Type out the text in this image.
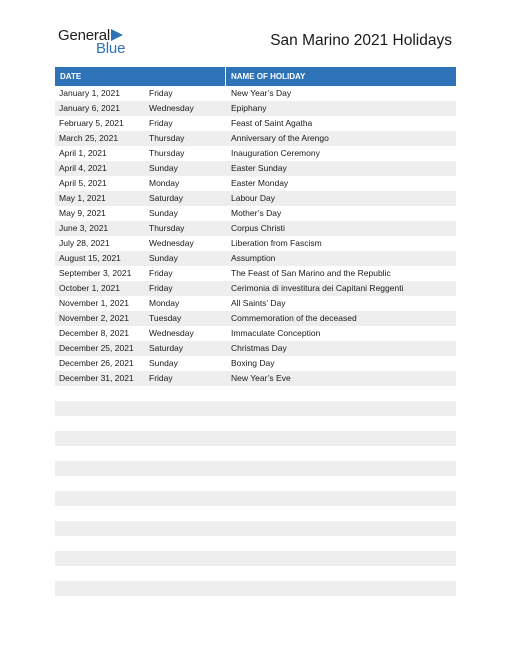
General
Blue	San Marino 2021 Holidays
DATE	NAME OF HOLIDAY
January 1, 2021	Friday	New Year’s Day
January 6, 2021	Wednesday	Epiphany
February 5, 2021	Friday	Feast of Saint Agatha
March 25, 2021	Thursday	Anniversary of the Arengo
April 1, 2021	Thursday	Inauguration Ceremony
April 4, 2021	Sunday	Easter Sunday
April 5, 2021	Monday	Easter Monday
May 1, 2021	Saturday	Labour Day
May 9, 2021	Sunday	Mother’s Day
June 3, 2021	Thursday	Corpus Christi
July 28, 2021	Wednesday	Liberation from Fascism
August 15, 2021	Sunday	Assumption
September 3, 2021	Friday	The Feast of San Marino and the Republic
October 1, 2021	Friday	Cerimonia di investitura dei Capitani Reggenti
November 1, 2021	Monday	All Saints’ Day
November 2, 2021	Tuesday	Commemoration of the deceased
December 8, 2021	Wednesday	Immaculate Conception
December 25, 2021	Saturday	Christmas Day
December 26, 2021	Sunday	Boxing Day
December 31, 2021	Friday	New Year’s Eve
